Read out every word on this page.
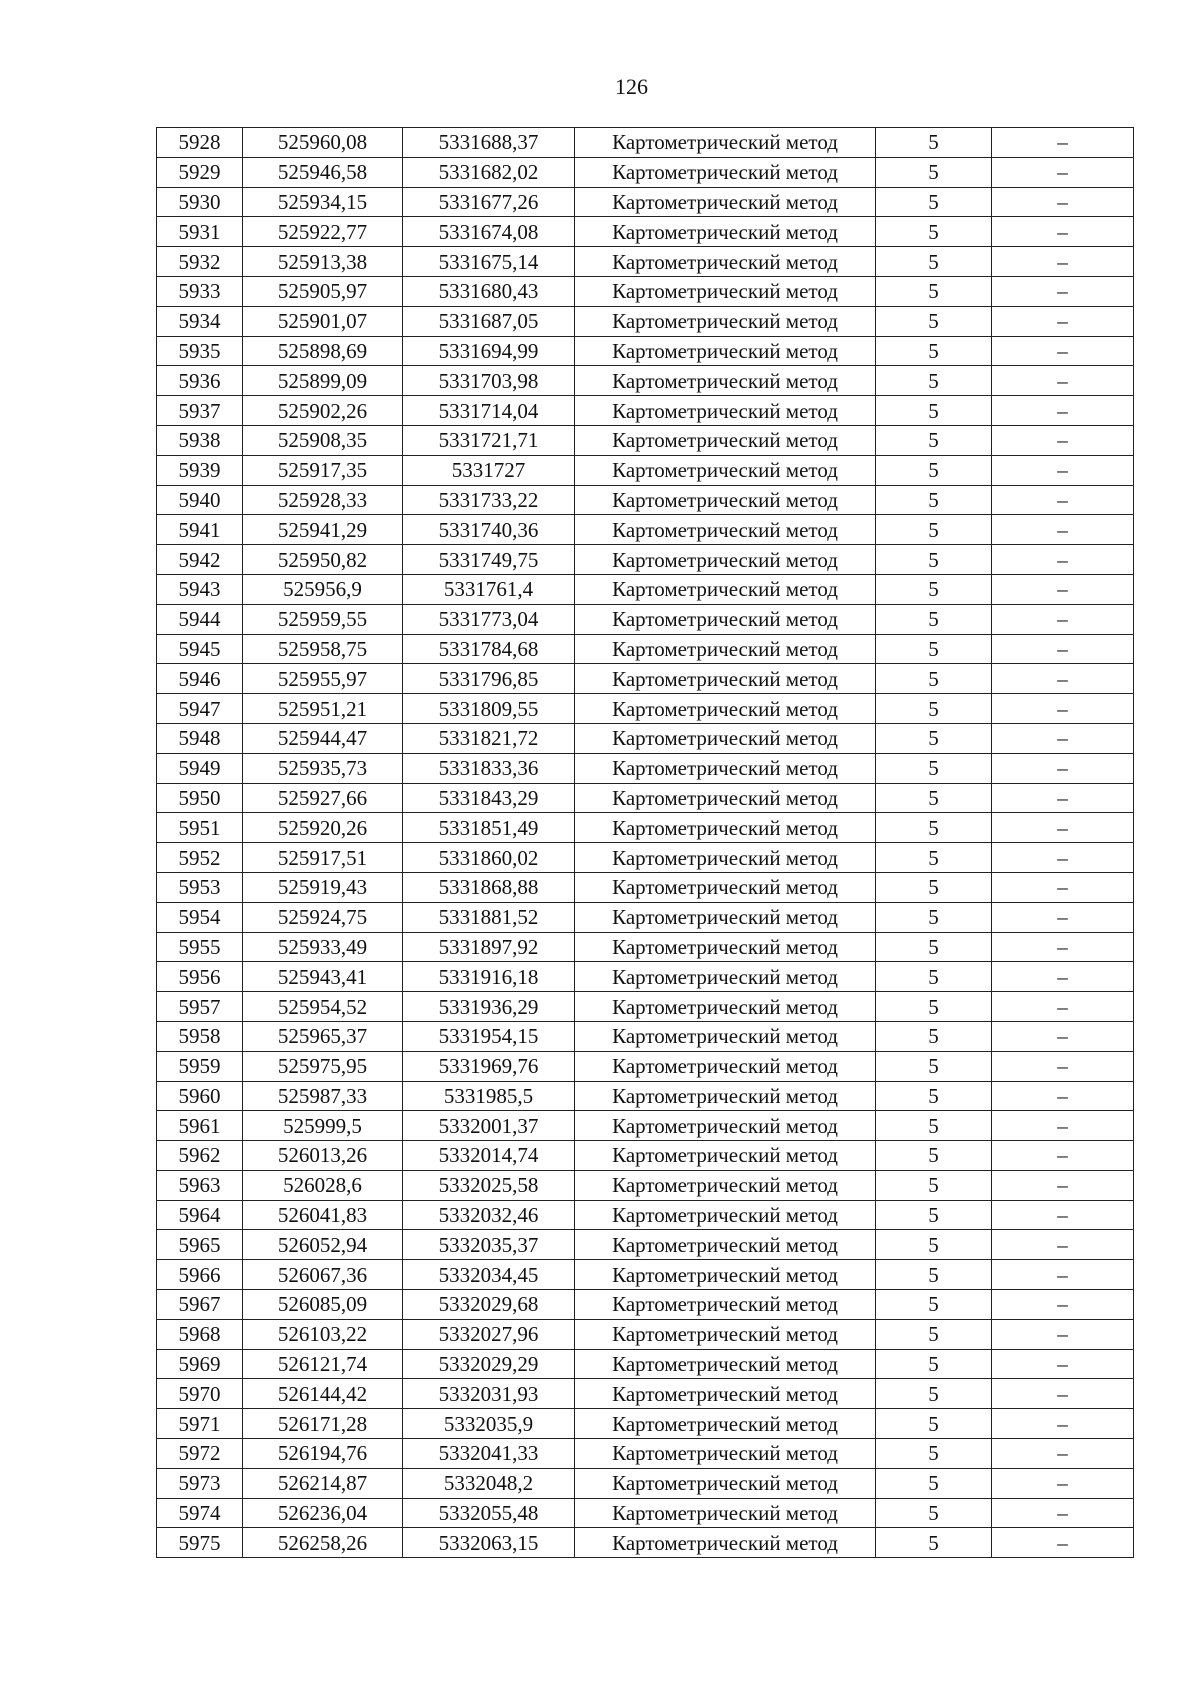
126
5928	525960,08	5331688,37	Картометрический метод	5	–
5929	525946,58	5331682,02	Картометрический метод	5	–
5930	525934,15	5331677,26	Картометрический метод	5	–
5931	525922,77	5331674,08	Картометрический метод	5	–
5932	525913,38	5331675,14	Картометрический метод	5	–
5933	525905,97	5331680,43	Картометрический метод	5	–
5934	525901,07	5331687,05	Картометрический метод	5	–
5935	525898,69	5331694,99	Картометрический метод	5	–
5936	525899,09	5331703,98	Картометрический метод	5	–
5937	525902,26	5331714,04	Картометрический метод	5	–
5938	525908,35	5331721,71	Картометрический метод	5	–
5939	525917,35	5331727	Картометрический метод	5	–
5940	525928,33	5331733,22	Картометрический метод	5	–
5941	525941,29	5331740,36	Картометрический метод	5	–
5942	525950,82	5331749,75	Картометрический метод	5	–
5943	525956,9	5331761,4	Картометрический метод	5	–
5944	525959,55	5331773,04	Картометрический метод	5	–
5945	525958,75	5331784,68	Картометрический метод	5	–
5946	525955,97	5331796,85	Картометрический метод	5	–
5947	525951,21	5331809,55	Картометрический метод	5	–
5948	525944,47	5331821,72	Картометрический метод	5	–
5949	525935,73	5331833,36	Картометрический метод	5	–
5950	525927,66	5331843,29	Картометрический метод	5	–
5951	525920,26	5331851,49	Картометрический метод	5	–
5952	525917,51	5331860,02	Картометрический метод	5	–
5953	525919,43	5331868,88	Картометрический метод	5	–
5954	525924,75	5331881,52	Картометрический метод	5	–
5955	525933,49	5331897,92	Картометрический метод	5	–
5956	525943,41	5331916,18	Картометрический метод	5	–
5957	525954,52	5331936,29	Картометрический метод	5	–
5958	525965,37	5331954,15	Картометрический метод	5	–
5959	525975,95	5331969,76	Картометрический метод	5	–
5960	525987,33	5331985,5	Картометрический метод	5	–
5961	525999,5	5332001,37	Картометрический метод	5	–
5962	526013,26	5332014,74	Картометрический метод	5	–
5963	526028,6	5332025,58	Картометрический метод	5	–
5964	526041,83	5332032,46	Картометрический метод	5	–
5965	526052,94	5332035,37	Картометрический метод	5	–
5966	526067,36	5332034,45	Картометрический метод	5	–
5967	526085,09	5332029,68	Картометрический метод	5	–
5968	526103,22	5332027,96	Картометрический метод	5	–
5969	526121,74	5332029,29	Картометрический метод	5	–
5970	526144,42	5332031,93	Картометрический метод	5	–
5971	526171,28	5332035,9	Картометрический метод	5	–
5972	526194,76	5332041,33	Картометрический метод	5	–
5973	526214,87	5332048,2	Картометрический метод	5	–
5974	526236,04	5332055,48	Картометрический метод	5	–
5975	526258,26	5332063,15	Картометрический метод	5	–
